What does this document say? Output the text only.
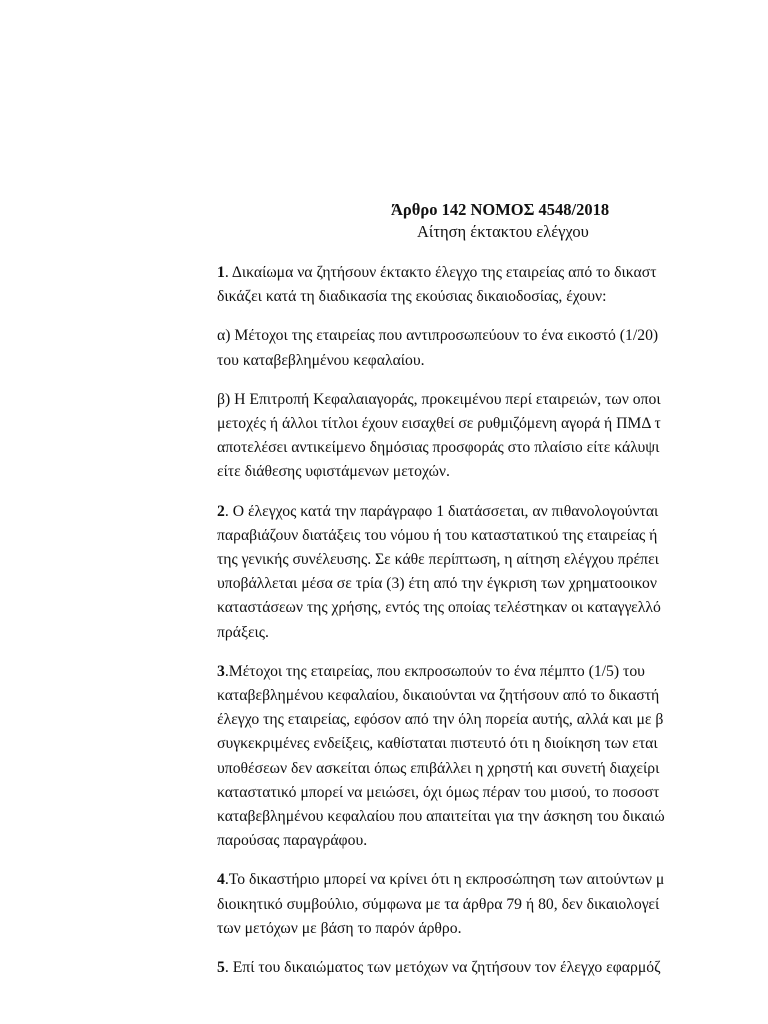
Άρθρο 142 ΝΟΜΟΣ 4548/2018
Αίτηση έκτακτου ελέγχου
1. Δικαίωμα να ζητήσουν έκτακτο έλεγχο της εταιρείας από το δικαστ
δικάζει κατά τη διαδικασία της εκούσιας δικαιοδοσίας, έχουν:
α) Μέτοχοι της εταιρείας που αντιπροσωπεύουν το ένα εικοστό (1/20)
του καταβεβλημένου κεφαλαίου.
β) Η Επιτροπή Κεφαλαιαγοράς, προκειμένου περί εταιρειών, των οποι
μετοχές ή άλλοι τίτλοι έχουν εισαχθεί σε ρυθμιζόμενη αγορά ή ΠΜΔ τ
αποτελέσει αντικείμενο δημόσιας προσφοράς στο πλαίσιο είτε κάλυψι
είτε διάθεσης υφιστάμενων μετοχών.
2. Ο έλεγχος κατά την παράγραφο 1 διατάσσεται, αν πιθανολογούνται
παραβιάζουν διατάξεις του νόμου ή του καταστατικού της εταιρείας ή
της γενικής συνέλευσης. Σε κάθε περίπτωση, η αίτηση ελέγχου πρέπει
υποβάλλεται μέσα σε τρία (3) έτη από την έγκριση των χρηματοοικον
καταστάσεων της χρήσης, εντός της οποίας τελέστηκαν οι καταγγελλό
πράξεις.
3.Μέτοχοι της εταιρείας, που εκπροσωπούν το ένα πέμπτο (1/5) του
καταβεβλημένου κεφαλαίου, δικαιούνται να ζητήσουν από το δικαστή
έλεγχο της εταιρείας, εφόσον από την όλη πορεία αυτής, αλλά και με β
συγκεκριμένες ενδείξεις, καθίσταται πιστευτό ότι η διοίκηση των εται
υποθέσεων δεν ασκείται όπως επιβάλλει η χρηστή και συνετή διαχείρι
καταστατικό μπορεί να μειώσει, όχι όμως πέραν του μισού, το ποσοστ
καταβεβλημένου κεφαλαίου που απαιτείται για την άσκηση του δικαιώ
παρούσας παραγράφου.
4.Το δικαστήριο μπορεί να κρίνει ότι η εκπροσώπηση των αιτούντων μ
διοικητικό συμβούλιο, σύμφωνα με τα άρθρα 79 ή 80, δεν δικαιολογεί
των μετόχων με βάση το παρόν άρθρο.
5. Επί του δικαιώματος των μετόχων να ζητήσουν τον έλεγχο εφαρμόζ
